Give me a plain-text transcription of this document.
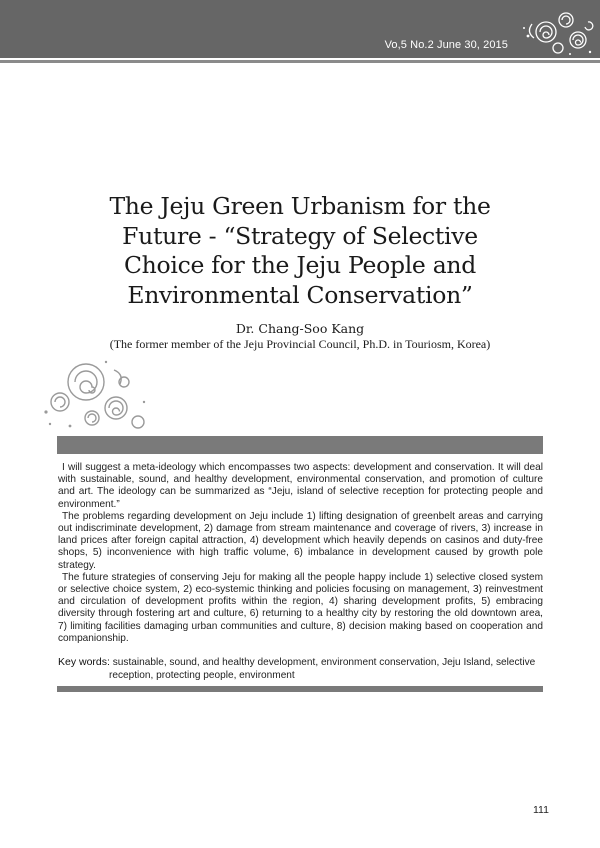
Vo,5 No.2 June 30, 2015
The Jeju Green Urbanism for the
Future - “Strategy of Selective
Choice for the Jeju People and
Environmental Conservation”
Dr. Chang-Soo Kang
(The former member of the Jeju Provincial Council, Ph.D. in Touriosm, Korea)

I will suggest a meta-ideology which encompasses two aspects: development and conservation. It will deal with sustainable, sound, and healthy development, environmental conservation, and promotion of culture and art. The ideology can be summarized as “Jeju, island of selective reception for protecting people and environment.”

The problems regarding development on Jeju include 1) lifting designation of greenbelt areas and carrying out indiscriminate development, 2) damage from stream maintenance and coverage of rivers, 3) increase in land prices after foreign capital attraction, 4) development which heavily depends on casinos and duty-free shops, 5) inconvenience with high traffic volume, 6) imbalance in development caused by growth pole strategy.

The future strategies of conserving Jeju for making all the people happy include 1) selective closed system or selective choice system, 2) eco-systemic thinking and policies focusing on management, 3) reinvestment and circulation of development profits within the region, 4) sharing development profits, 5) embracing diversity through fostering art and culture, 6) returning to a healthy city by restoring the old downtown area, 7) limiting facilities damaging urban communities and culture, 8) decision making based on cooperation and companionship.

Key words: sustainable, sound, and healthy development, environment conservation, Jeju Island, selective reception, protecting people, environment
111
